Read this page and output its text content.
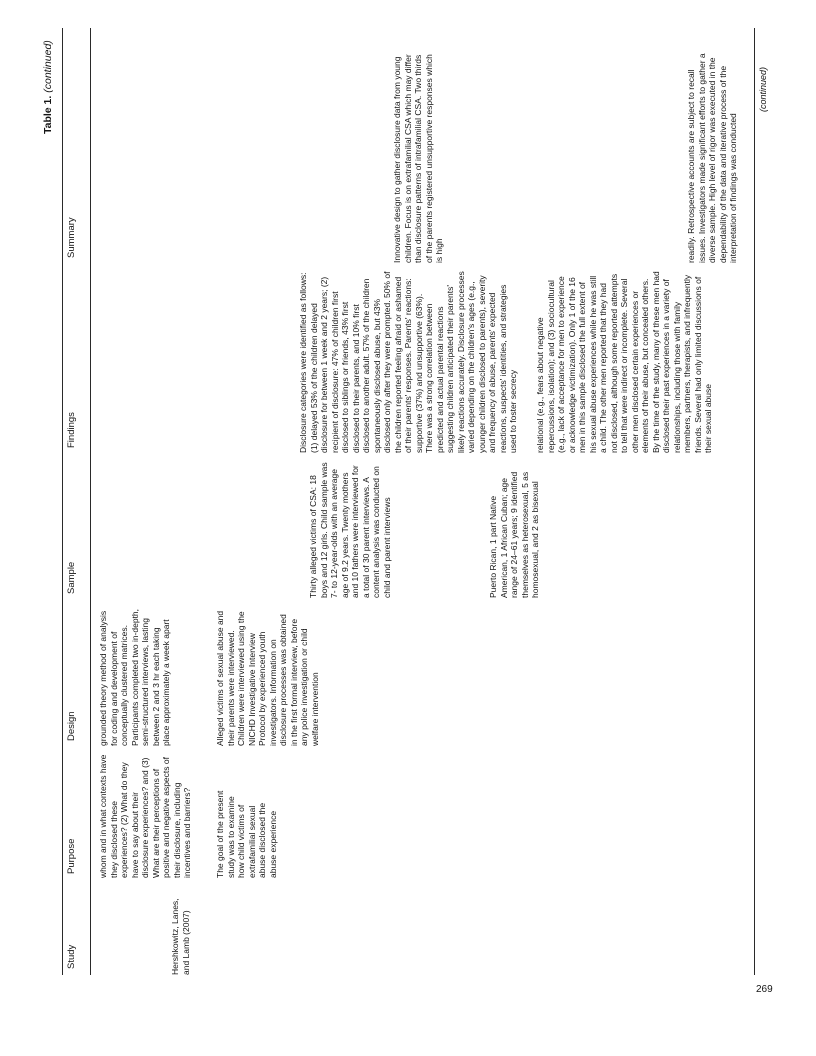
Table 1. (continued)
Summary
Findings
Sample
Design
Purpose
Study
whom and in what contexts have they disclosed these experiences? (2) What do they have to say about their disclosure experiences? and (3) What are their perceptions of positive and negative aspects of their disclosure, including incentives and barriers?
grounded theory method of analysis for coding and development of conceptually clustered matrices. Participants completed two in-depth, semi-structured interviews, lasting between 2 and 3 hr each taking place approximately a week apart
Puerto Rican, 1 part Native American, 1 African Cuban; age range of 24–61 years; 9 identified themselves as heterosexual, 5 as homosexual, and 2 as bisexual
relational (e.g., fears about negative repercussions, isolation); and (3) sociocultural (e.g., lack of acceptance for men to experience or acknowledge victimization). Only 1 of the 16 men in this sample disclosed the full extent of his sexual abuse experiences while he was still a child. The other men reported that they had not disclosed, although some reported attempts to tell that were indirect or incomplete. Several other men disclosed certain experiences or elements of their abuse, but concealed others. By the time of the study, many of these men had disclosed their past experiences in a variety of relationships, including those with family members, partners, therapists, and infrequently friends. Several had only limited discussions of their sexual abuse
readily. Retrospective accounts are subject to recall issues. Investigators made significant efforts to gather a diverse sample. High level of rigor was executed in the dependability of the data and iterative process of the interpretation of findings was conducted
Hershkowitz, Lanes, and Lamb (2007)
The goal of the present study was to examine how child victims of extrafamilial sexual abuse disclosed the abuse experience
Alleged victims of sexual abuse and their parents were interviewed. Children were interviewed using the NICHD Investigative Interview Protocol by experienced youth investigators. Information on disclosure processes was obtained in the first formal interview, before any police investigation or child welfare intervention
Thirty alleged victims of CSA: 18 boys and 12 girls. Child sample was 7- to 12-year-olds with an average age of 9.2 years. Twenty mothers and 10 fathers were interviewed for a total of 30 parent interviews. A content analysis was conducted on child and parent interviews
Disclosure categories were identified as follows: (1) delayed 53% of the children delayed disclosure for between 1 week and 2 years; (2) recipient of disclosure: 47% of children first disclosed to siblings or friends, 43% first disclosed to their parents, and 10% first disclosed to another adult. 57% of the children spontaneously disclosed abuse, but 43% disclosed only after they were prompted. 50% of the children reported feeling afraid or ashamed of their parents' responses. Parents' reactions: supportive (37%) and unsupportive (63%). There was a strong correlation between predicted and actual parental reactions suggesting children anticipated their parents' likely reactions accurately. Disclosure processes varied depending on the children's ages (e.g., younger children disclosed to parents), severity and frequency of abuse, parents' expected reactions, suspects' identities, and strategies used to foster secrecy
Innovative design to gather disclosure data from young children. Focus is on extrafamilial CSA which may differ than disclosure patterns of intrafamilial CSA. Two thirds of the parents registered unsupportive responses which is high
(continued)
269
